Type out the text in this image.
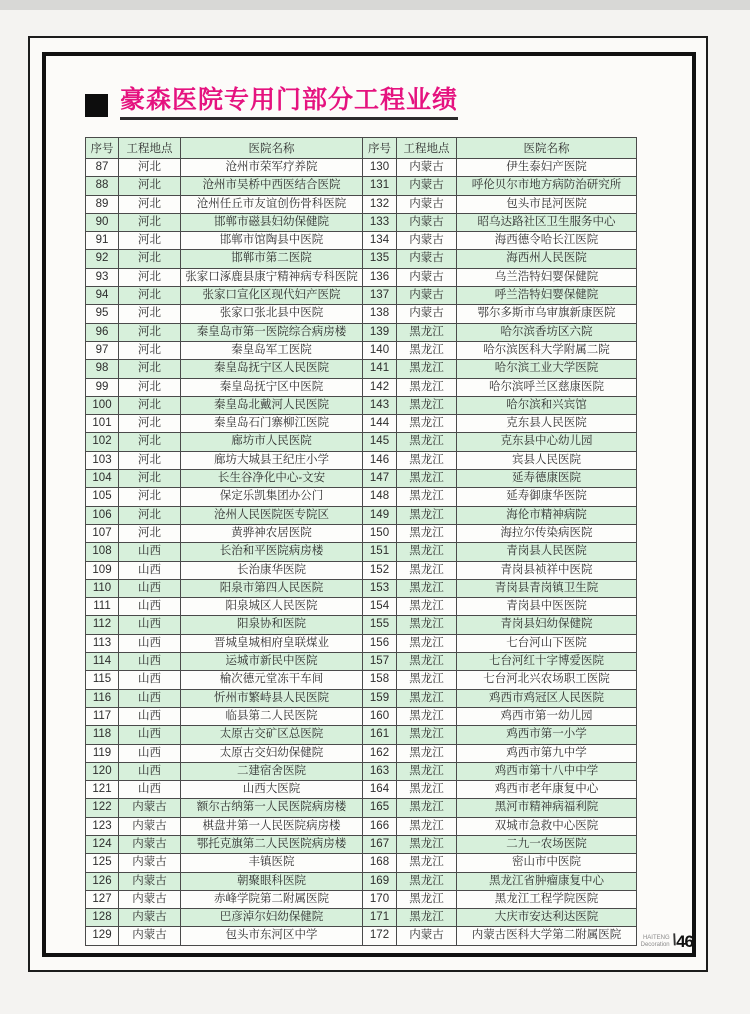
豪森医院专用门部分工程业绩
序号	工程地点	医院名称	序号	工程地点	医院名称
87	河北	沧州市荣军疗养院	130	内蒙古	伊生泰妇产医院
88	河北	沧州市吴桥中西医结合医院	131	内蒙古	呼伦贝尔市地方病防治研究所
89	河北	沧州任丘市友谊创伤骨科医院	132	内蒙古	包头市昆河医院
90	河北	邯郸市磁县妇幼保健院	133	内蒙古	昭乌达路社区卫生服务中心
91	河北	邯郸市馆陶县中医院	134	内蒙古	海西德令哈长江医院
92	河北	邯郸市第二医院	135	内蒙古	海西州人民医院
93	河北	张家口涿鹿县康宁精神病专科医院	136	内蒙古	乌兰浩特妇婴保健院
94	河北	张家口宣化区现代妇产医院	137	内蒙古	呼兰浩特妇婴保健院
95	河北	张家口张北县中医院	138	内蒙古	鄂尔多斯市乌审旗新康医院
96	河北	秦皇岛市第一医院综合病房楼	139	黑龙江	哈尔滨香坊区六院
97	河北	秦皇岛军工医院	140	黑龙江	哈尔滨医科大学附属二院
98	河北	秦皇岛抚宁区人民医院	141	黑龙江	哈尔滨工业大学医院
99	河北	秦皇岛抚宁区中医院	142	黑龙江	哈尔滨呼兰区慈康医院
100	河北	秦皇岛北戴河人民医院	143	黑龙江	哈尔滨和兴宾馆
101	河北	秦皇岛石门寨柳江医院	144	黑龙江	克东县人民医院
102	河北	廊坊市人民医院	145	黑龙江	克东县中心幼儿园
103	河北	廊坊大城县王纪庄小学	146	黑龙江	宾县人民医院
104	河北	长生谷净化中心-文安	147	黑龙江	延寿德康医院
105	河北	保定乐凯集团办公门	148	黑龙江	延寿御康华医院
106	河北	沧州人民医院医专院区	149	黑龙江	海伦市精神病院
107	河北	黄骅神农居医院	150	黑龙江	海拉尔传染病医院
108	山西	长治和平医院病房楼	151	黑龙江	青岗县人民医院
109	山西	长治康华医院	152	黑龙江	青岗县祯祥中医院
110	山西	阳泉市第四人民医院	153	黑龙江	青岗县青岗镇卫生院
111	山西	阳泉城区人民医院	154	黑龙江	青岗县中医医院
112	山西	阳泉协和医院	155	黑龙江	青岗县妇幼保健院
113	山西	晋城皇城相府皇联煤业	156	黑龙江	七台河山下医院
114	山西	运城市新民中医院	157	黑龙江	七台河红十字博爱医院
115	山西	榆次德元堂冻干车间	158	黑龙江	七台河北兴农场职工医院
116	山西	忻州市繁峙县人民医院	159	黑龙江	鸡西市鸡冠区人民医院
117	山西	临县第二人民医院	160	黑龙江	鸡西市第一幼儿园
118	山西	太原古交矿区总医院	161	黑龙江	鸡西市第一小学
119	山西	太原古交妇幼保健院	162	黑龙江	鸡西市第九中学
120	山西	二建宿舍医院	163	黑龙江	鸡西市第十八中中学
121	山西	山西大医院	164	黑龙江	鸡西市老年康复中心
122	内蒙古	额尔古纳第一人民医院病房楼	165	黑龙江	黑河市精神病福利院
123	内蒙古	棋盘井第一人民医院病房楼	166	黑龙江	双城市急救中心医院
124	内蒙古	鄂托克旗第二人民医院病房楼	167	黑龙江	二九一农场医院
125	内蒙古	丰镇医院	168	黑龙江	密山市中医院
126	内蒙古	朝聚眼科医院	169	黑龙江	黑龙江省肿瘤康复中心
127	内蒙古	赤峰学院第二附属医院	170	黑龙江	黑龙江工程学院医院
128	内蒙古	巴彦淖尔妇幼保健院	171	黑龙江	大庆市安达利达医院
129	内蒙古	包头市东河区中学	172	内蒙古	内蒙古医科大学第二附属医院	HAITENG
Decoration \
46
